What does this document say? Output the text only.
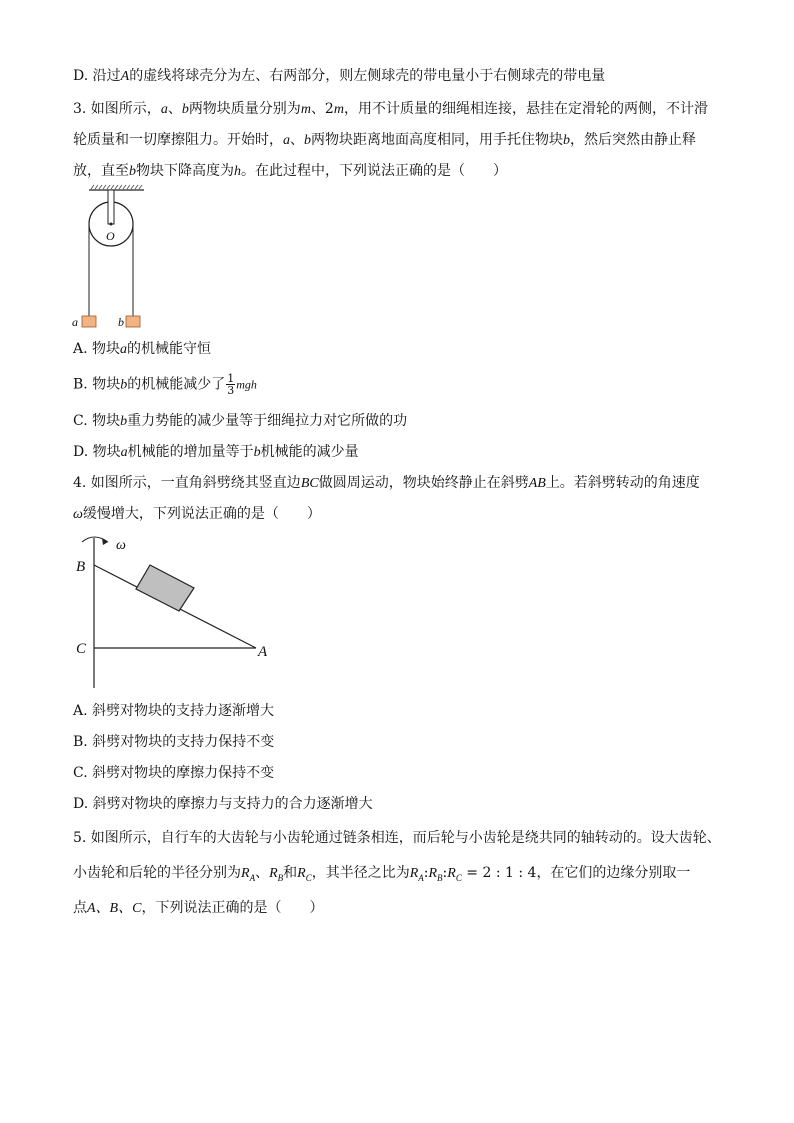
D. 沿过A的虚线将球壳分为左、右两部分，则左侧球壳的带电量小于右侧球壳的带电量
3. 如图所示，a、b两物块质量分别为m、2m，用不计质量的细绳相连接，悬挂在定滑轮的两侧，不计滑
轮质量和一切摩擦阻力。开始时，a、b两物块距离地面高度相同，用手托住物块b，然后突然由静止释
放，直至b物块下降高度为h。在此过程中，下列说法正确的是（　　）
O
a	b
A. 物块a的机械能守恒
B. 物块b的机械能减少了 $\frac{1}{3}$ mgh
C. 物块b重力势能的减少量等于细绳拉力对它所做的功
D. 物块a机械能的增加量等于b机械能的减少量
4. 如图所示，一直角斜劈绕其竖直边BC做圆周运动，物块始终静止在斜劈AB上。若斜劈转动的角速度
ω缓慢增大，下列说法正确的是（　　）
ω
B
C	A
A. 斜劈对物块的支持力逐渐增大
B. 斜劈对物块的支持力保持不变
C. 斜劈对物块的摩擦力保持不变
D. 斜劈对物块的摩擦力与支持力的合力逐渐增大
5. 如图所示，自行车的大齿轮与小齿轮通过链条相连，而后轮与小齿轮是绕共同的轴转动的。设大齿轮、
小齿轮和后轮的半径分别为$R_A$、$R_B$和$R_C$，其半径之比为$R_A:R_B:R_C = 2$ : 1 : 4，在它们的边缘分别取一
点A、B、C，下列说法正确的是（　　）
